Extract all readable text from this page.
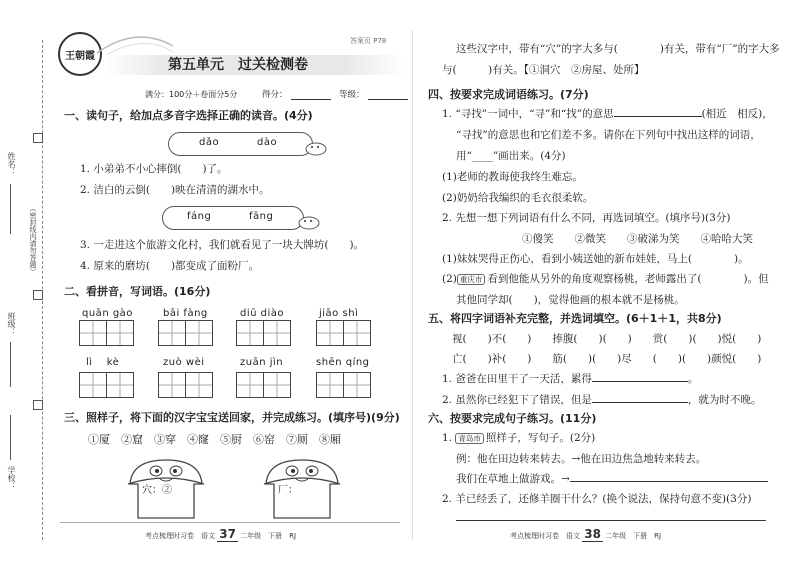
姓名：
（密封线内请勿答题）
班级：
学校：
王朝霞
第五单元　过关检测卷
答案页 P78
满分：100分＋卷面分5分	得分：	等级：
一、读句子，给加点多音字选择正确的读音。(4分)
dǎo	dào
1. 小弟弟不小心摔倒(　　)了。
2. 洁白的云倒(　　)映在清清的湖水中。
fáng	fāng
3. 一走进这个旅游文化村，我们就看见了一块大牌坊(　　)。
4. 原来的磨坊(　　)都变成了面粉厂。
二、看拼音，写词语。(16分)
quān gào	bāi fàng	diū diào	jiāo shì
lì　 kè	zuò wèi	zuān jìn	shēn qíng
三、照样子，将下面的汉字宝宝送回家，并完成练习。(填序号)(9分)
①厦 ②窟 ③穿 ④窿 ⑤厨 ⑥窑 ⑦厕 ⑧厢
穴：②	厂：
考点梳理时习卷　语文 37 二年级　下册　RJ
这些汉字中，带有“穴”的字大多与(　　　　)有关，带有“厂”的字大多
与(　　　)有关。【①洞穴　②房屋、处所】
四、按要求完成词语练习。(7分)
1. “寻找”一词中，“寻”和“找”的意思	(相近　相反)，
“寻找”的意思也和它们差不多。请你在下列句中找出这样的词语，
用“____”画出来。(4分)
(1)老师的教诲使我终生难忘。
(2)奶奶给我编织的毛衣很柔软。
2. 先想一想下列词语有什么不同，再选词填空。(填序号)(3分)
①傻笑　　②微笑　　③破涕为笑　　④哈哈大笑
(1)妹妹哭得正伤心，看到小姨送她的新布娃娃，马上(　　　　)。
(2) 重庆市 看到他能从另外的角度观察杨桃，老师露出了(　　　　)。但
其他同学却(　　)，觉得他画的根本就不是杨桃。
五、将四字词语补充完整，并选词填空。(6＋1＋1，共8分)
视(　　)不(　　)　　捧腹(　　)(　　)　　赏(　　)(　　)悦(　　)
亡(　　)补(　　)　　筋(　　)(　　)尽　　(　　)(　　)颜悦(　　)
1. 爸爸在田里干了一天活，累得	。
2. 虽然你已经犯下了错误，但是	，就为时不晚。
六、按要求完成句子练习。(11分)
1. 青岛市 照样子，写句子。(2分)
例：他在田边转来转去。→他在田边焦急地转来转去。
我们在草地上做游戏。→
2. 羊已经丢了，还修羊圈干什么？(换个说法，保持句意不变)(3分)
考点梳理时习卷　语文 38 二年级　下册　RJ
